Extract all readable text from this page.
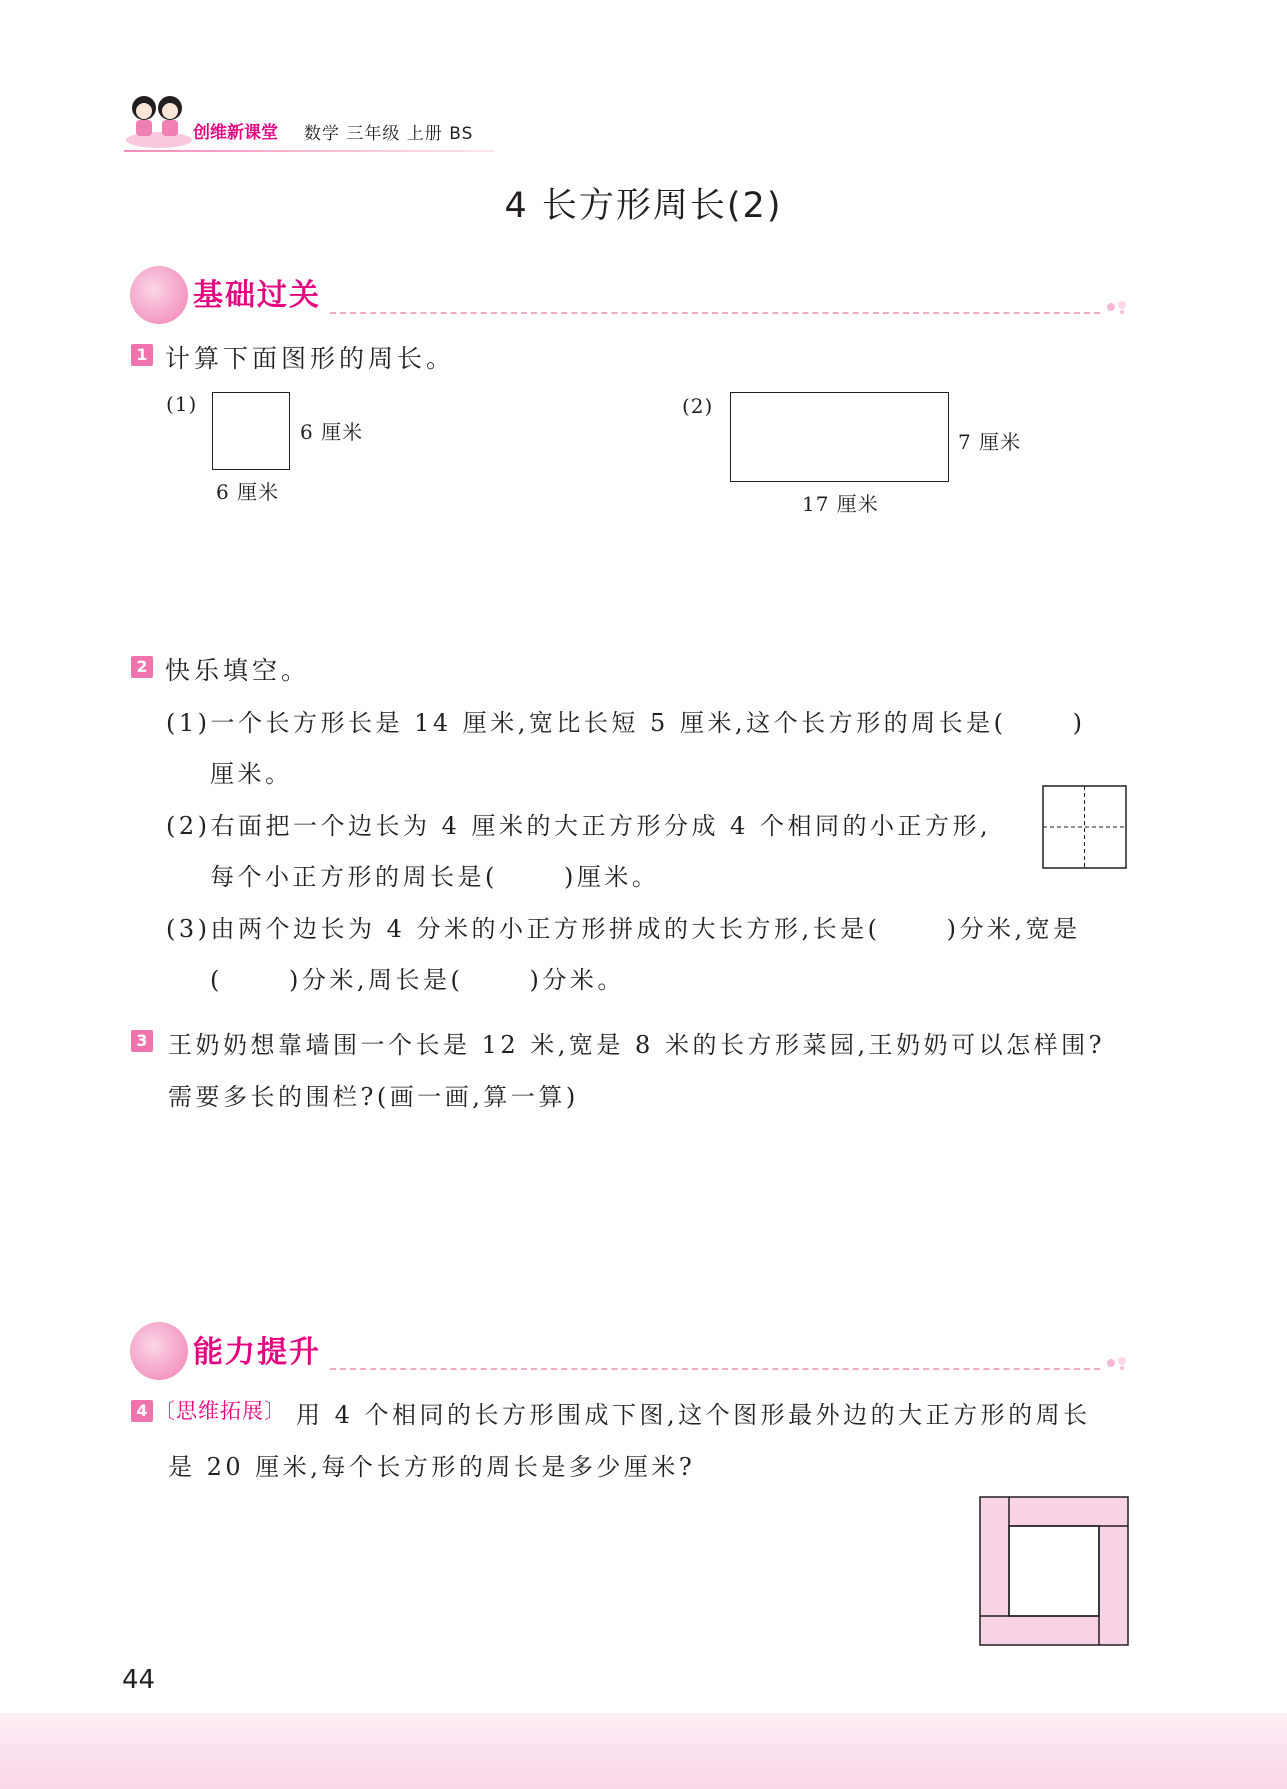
创维新课堂 数学 三年级 上册 BS
4 长方形周长(2)
基础过关
1 计算下面图形的周长。
(1)
6 厘米
6 厘米
(2)
7 厘米
17 厘米
2 快乐填空。
(1)一个长方形长是 14 厘米,宽比长短 5 厘米,这个长方形的周长是(　　 )
厘米。
(2)右面把一个边长为 4 厘米的大正方形分成 4 个相同的小正方形,
每个小正方形的周长是(　　 )厘米。
(3)由两个边长为 4 分米的小正方形拼成的大长方形,长是(　　 )分米,宽是
(　　 )分米,周长是(　　 )分米。
3 王奶奶想靠墙围一个长是 12 米,宽是 8 米的长方形菜园,王奶奶可以怎样围?
需要多长的围栏?(画一画,算一算)
能力提升
4 〔思维拓展〕 用 4 个相同的长方形围成下图,这个图形最外边的大正方形的周长
是 20 厘米,每个长方形的周长是多少厘米?
44
